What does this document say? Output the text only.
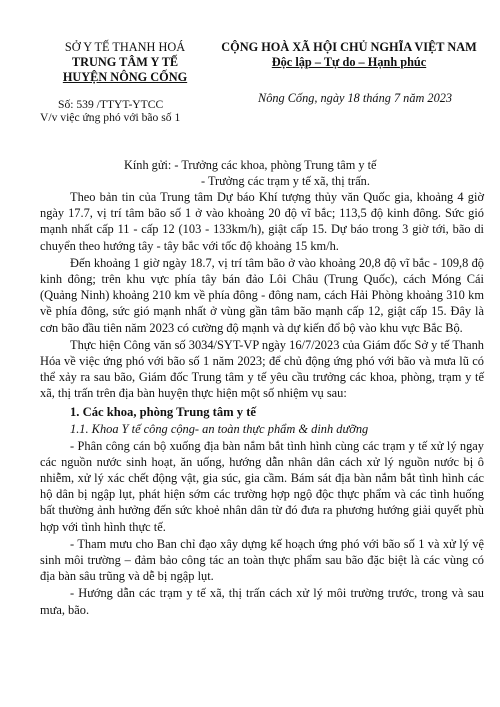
SỞ Y TẾ THANH HOÁ
TRUNG TÂM Y TẾ
HUYỆN NÔNG CỐNG
CỘNG HOÀ XÃ HỘI CHỦ NGHĨA VIỆT NAM
Độc lập – Tự do – Hạnh phúc
Số: 539 /TTYT-YTCC
V/v việc ứng phó với bão số 1
Nông Cống, ngày 18 tháng 7 năm 2023
Kính gửi: - Trưởng các khoa, phòng Trung tâm y tế
- Trưởng các trạm y tế xã, thị trấn.

Theo bản tin của Trung tâm Dự báo Khí tượng thủy văn Quốc gia, khoảng 4 giờ ngày 17.7, vị trí tâm bão số 1 ở vào khoảng 20 độ vĩ bắc; 113,5 độ kinh đông. Sức gió mạnh nhất cấp 11 - cấp 12 (103 - 133km/h), giật cấp 15. Dự báo trong 3 giờ tới, bão di chuyển theo hướng tây - tây bắc với tốc độ khoảng 15 km/h.

Đến khoảng 1 giờ ngày 18.7, vị trí tâm bão ở vào khoảng 20,8 độ vĩ bắc - 109,8 độ kinh đông; trên khu vực phía tây bán đảo Lôi Châu (Trung Quốc), cách Móng Cái (Quảng Ninh) khoảng 210 km về phía đông - đông nam, cách Hải Phòng khoảng 310 km về phía đông, sức gió mạnh nhất ở vùng gần tâm bão mạnh cấp 12, giật cấp 15. Đây là cơn bão đầu tiên năm 2023 có cường độ mạnh và dự kiến đổ bộ vào khu vực Bắc Bộ.

Thực hiện Công văn số 3034/SYT-VP ngày 16/7/2023 của Giám đốc Sở y tế Thanh Hóa về việc ứng phó với bão số 1 năm 2023; để chủ động ứng phó với bão và mưa lũ có thể xảy ra sau bão, Giám đốc Trung tâm y tế yêu cầu trưởng các khoa, phòng, trạm y tế xã, thị trấn trên địa bàn huyện thực hiện một số nhiệm vụ sau:

1. Các khoa, phòng Trung tâm y tế
1.1. Khoa Y tế công cộng- an toàn thực phẩm & dinh dưỡng

- Phân công cán bộ xuống địa bàn nắm bắt tình hình cùng các trạm y tế xử lý ngay các nguồn nước sinh hoạt, ăn uống, hướng dẫn nhân dân cách xử lý nguồn nước bị ô nhiễm, xử lý xác chết động vật, gia súc, gia cầm. Bám sát địa bàn nắm bắt tình hình các hộ dân bị ngập lụt, phát hiện sớm các trường hợp ngộ độc thực phẩm và các tình huống bất thường ảnh hưởng đến sức khoẻ nhân dân từ đó đưa ra phương hướng giải quyết phù hợp với tình hình thực tế.

- Tham mưu cho Ban chỉ đạo xây dựng kế hoạch ứng phó với bão số 1 và xử lý vệ sinh môi trường – đảm bảo công tác an toàn thực phẩm sau bão đặc biệt là các vùng có địa bàn sâu trũng và dễ bị ngập lụt.

- Hướng dẫn các trạm y tế xã, thị trấn cách xử lý môi trường trước, trong và sau mưa, bão.
